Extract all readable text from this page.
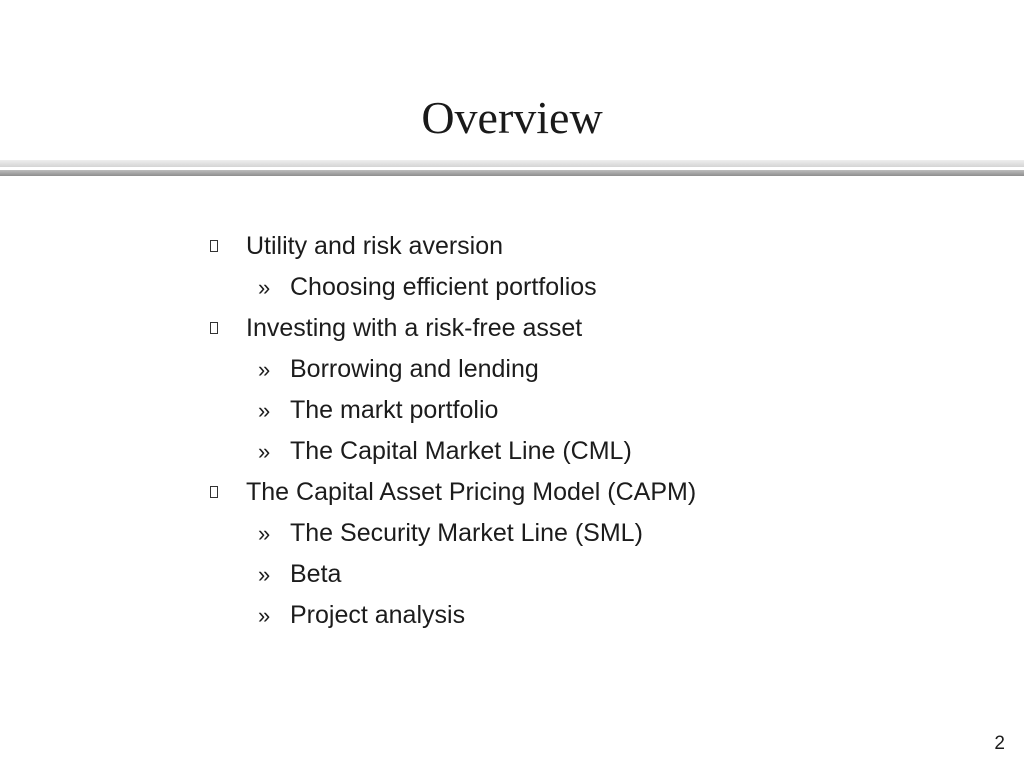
Overview
Utility and risk aversion
» Choosing efficient portfolios
Investing with a risk-free asset
» Borrowing and lending
» The markt portfolio
» The Capital Market Line (CML)
The Capital Asset Pricing Model (CAPM)
» The Security Market Line (SML)
» Beta
» Project analysis
2
